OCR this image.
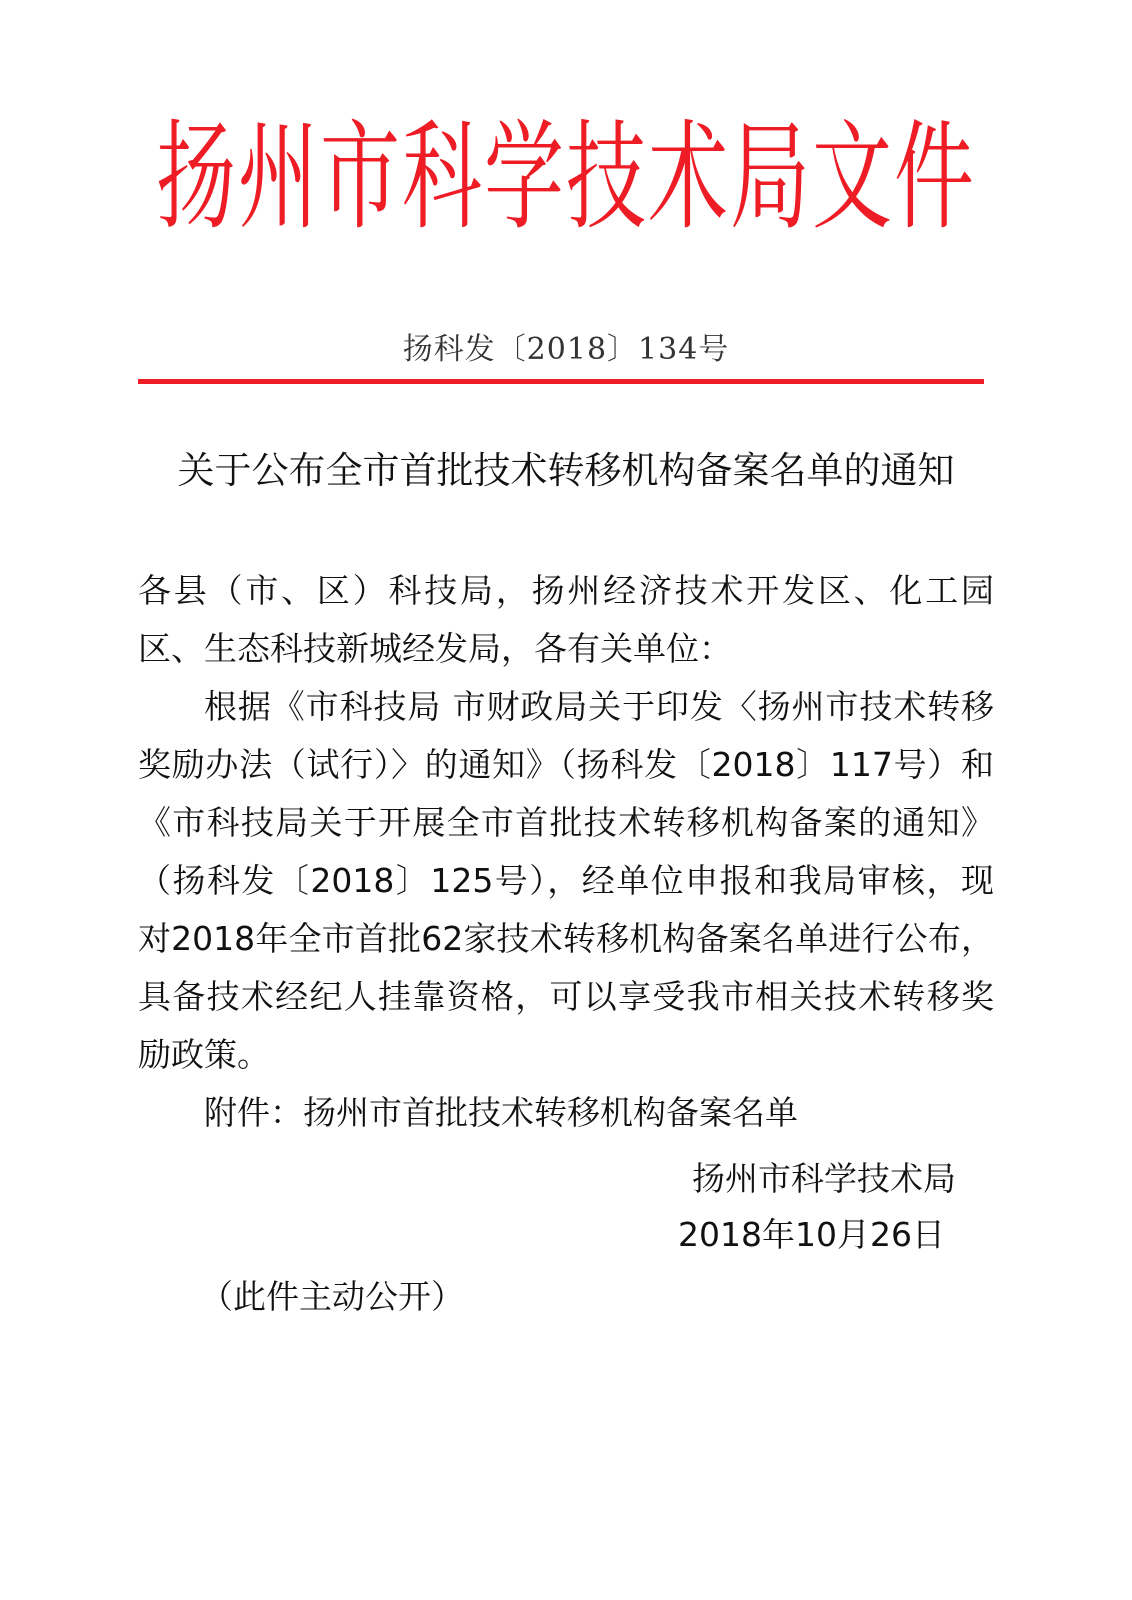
扬州市科学技术局文件
扬科发〔2018〕134号
关于公布全市首批技术转移机构备案名单的通知

各县（市、区）科技局，扬州经济技术开发区、化工园区、生态科技新城经发局，各有关单位：

根据《市科技局 市财政局关于印发〈扬州市技术转移奖励办法（试行）〉的通知》（扬科发〔2018〕117号）和《市科技局关于开展全市首批技术转移机构备案的通知》（扬科发〔2018〕125号），经单位申报和我局审核，现对2018年全市首批62家技术转移机构备案名单进行公布，具备技术经纪人挂靠资格，可以享受我市相关技术转移奖励政策。

附件：扬州市首批技术转移机构备案名单

扬州市科学技术局
2018年10月26日
（此件主动公开）
